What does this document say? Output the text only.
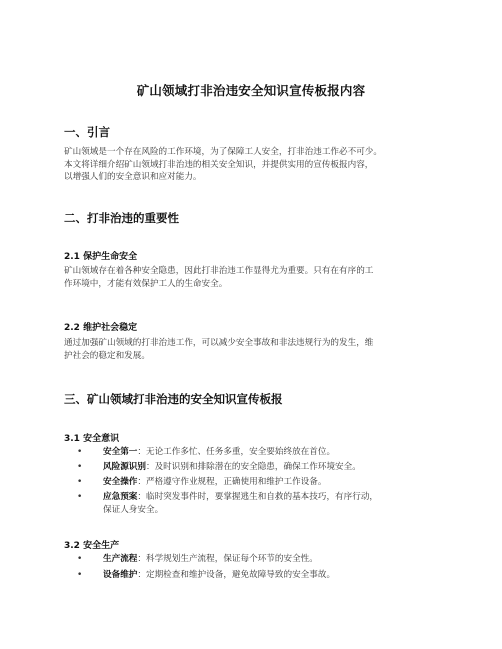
矿山领域打非治违安全知识宣传板报内容
一、引言
矿山领域是一个存在风险的工作环境，为了保障工人安全，打非治违工作必不可少。
本文将详细介绍矿山领域打非治违的相关安全知识，并提供实用的宣传板报内容，
以增强人们的安全意识和应对能力。
二、打非治违的重要性
2.1 保护生命安全
矿山领域存在着各种安全隐患，因此打非治违工作显得尤为重要。只有在有序的工
作环境中，才能有效保护工人的生命安全。
2.2 维护社会稳定
通过加强矿山领域的打非治违工作，可以减少安全事故和非法违规行为的发生，维
护社会的稳定和发展。
三、矿山领域打非治违的安全知识宣传板报
3.1 安全意识
• 安全第一：无论工作多忙、任务多重，安全要始终放在首位。
• 风险源识别：及时识别和排除潜在的安全隐患，确保工作环境安全。
• 安全操作：严格遵守作业规程，正确使用和维护工作设备。
• 应急预案：临时突发事件时，要掌握逃生和自救的基本技巧，有序行动，
保证人身安全。
3.2 安全生产
• 生产流程：科学规划生产流程，保证每个环节的安全性。
• 设备维护：定期检查和维护设备，避免故障导致的安全事故。
